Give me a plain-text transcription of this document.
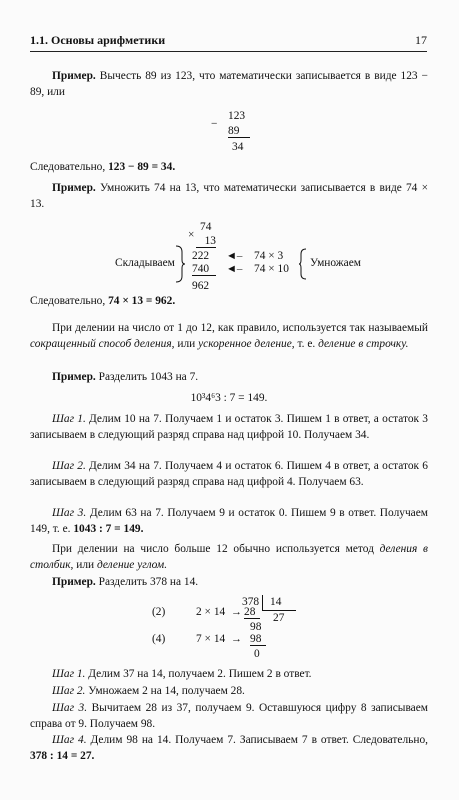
1.1. Основы арифметики	17
Пример. Вычесть 89 из 123, что математически записывается в виде 123 − 89, или
−
123
89
34
Следовательно, 123 − 89 = 34.
Пример. Умножить 74 на 13, что математически записывается в виде 74 × 13.
×
74
13
222
740
962
Складываем
◄– 74 × 3
◄– 74 × 10 Умножаем
Следовательно, 74 × 13 = 962.
При делении на число от 1 до 12, как правило, используется так называемый сокращенный способ деления, или ускоренное деление, т. е. деление в строчку.
Пример. Разделить 1043 на 7.
10³4⁶3 : 7 = 149.
Шаг 1. Делим 10 на 7. Получаем 1 и остаток 3. Пишем 1 в ответ, а остаток 3 записываем в следующий разряд справа над цифрой 10. Получаем 34.
Шаг 2. Делим 34 на 7. Получаем 4 и остаток 6. Пишем 4 в ответ, а остаток 6 записываем в следующий разряд справа над цифрой 4. Получаем 63.
Шаг 3. Делим 63 на 7. Получаем 9 и остаток 0. Пишем 9 в ответ. Получаем 149, т. е. 1043 : 7 = 149.
При делении на число больше 12 обычно используется метод деления в столбик, или деление углом.
Пример. Разделить 378 на 14.
378 14
27
(2)	2 × 14 → 28
98
(4)	7 × 14 → 98
0
Шаг 1. Делим 37 на 14, получаем 2. Пишем 2 в ответ.
Шаг 2. Умножаем 2 на 14, получаем 28.
Шаг 3. Вычитаем 28 из 37, получаем 9. Оставшуюся цифру 8 записываем справа от 9. Получаем 98.
Шаг 4. Делим 98 на 14. Получаем 7. Записываем 7 в ответ. Следовательно, 378 : 14 = 27.
